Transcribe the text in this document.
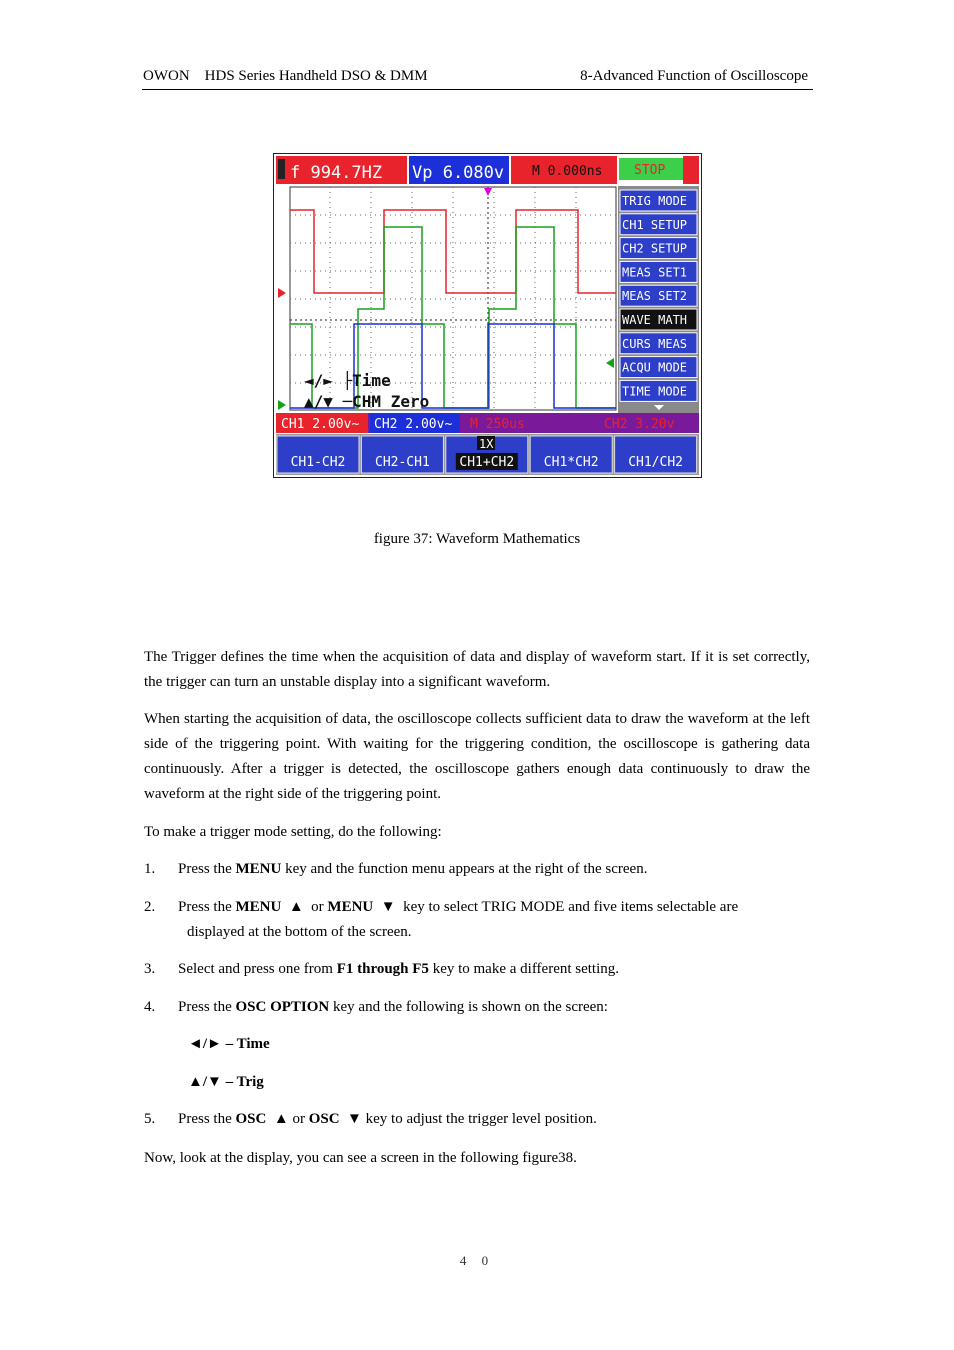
OWON    HDS Series Handheld DSO & DMM	8-Advanced Function of Oscilloscope
f 994.7HZ Vp 6.080v M 0.000ns STOP
◄/► ├Time
▲/▼ ─CHM Zero
TRIG MODE
CH1 SETUP
CH2 SETUP
MEAS SET1
MEAS SET2
WAVE MATH
CURS MEAS
ACQU MODE
TIME MODE
CH1 2.00v~ CH2 2.00v~ M 250us	CH2 3.20v
CH1-CH2 CH2-CH1 CH1+CH2 CH1*CH2 CH1/CH2
1X
figure 37: Waveform Mathematics

The Trigger defines the time when the acquisition of data and display of waveform start. If it is set correctly, the trigger can turn an unstable display into a significant waveform.

When starting the acquisition of data, the oscilloscope collects sufficient data to draw the waveform at the left side of the triggering point. With waiting for the triggering condition, the oscilloscope is gathering data continuously. After a trigger is detected, the oscilloscope gathers enough data continuously to draw the waveform at the right side of the triggering point.

To make a trigger mode setting, do the following:

1. Press the MENU key and the function menu appears at the right of the screen.
2. Press the MENU  ▲  or MENU  ▼  key to select TRIG MODE and five items selectable are
displayed at the bottom of the screen.
3. Select and press one from F1 through F5 key to make a different setting.
4. Press the OSC OPTION key and the following is shown on the screen:
◄/► – Time
▲/▼ – Trig
5. Press the OSC  ▲ or OSC  ▼ key to adjust the trigger level position.

Now, look at the display, you can see a screen in the following figure38.

4 0
